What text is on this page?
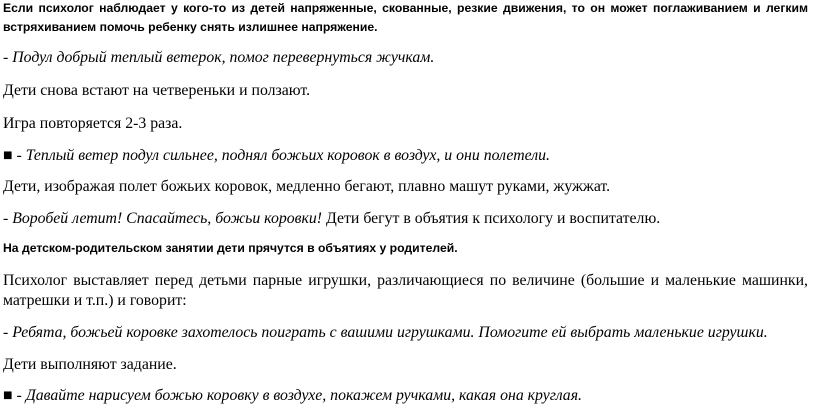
Если психолог наблюдает у кого-то из детей напряженные, скованные, резкие движения, то он может поглаживанием и легким
встряхиванием помочь ребенку снять излишнее напряжение.
- Подул добрый теплый ветерок, помог перевернуться жучкам.
Дети снова встают на четвереньки и ползают.
Игра повторяется 2-3 раза.
■ - Теплый ветер подул сильнее, поднял божьих коровок в воздух, и они полетели.
Дети, изображая полет божьих коровок, медленно бегают, плавно машут руками, жужжат.
- Воробей летит! Спасайтесь, божьи коровки! Дети бегут в объятия к психологу и воспитателю.
На детском-родительском занятии дети прячутся в объятиях у родителей.
Психолог выставляет перед детьми парные игрушки, различающиеся по величине (большие и маленькие машинки,
матрешки и т.п.) и говорит:
- Ребята, божьей коровке захотелось поиграть с вашими игрушками. Помогите ей выбрать маленькие игрушки.
Дети выполняют задание.
■ - Давайте нарисуем божью коровку в воздухе, покажем ручками, какая она круглая.
